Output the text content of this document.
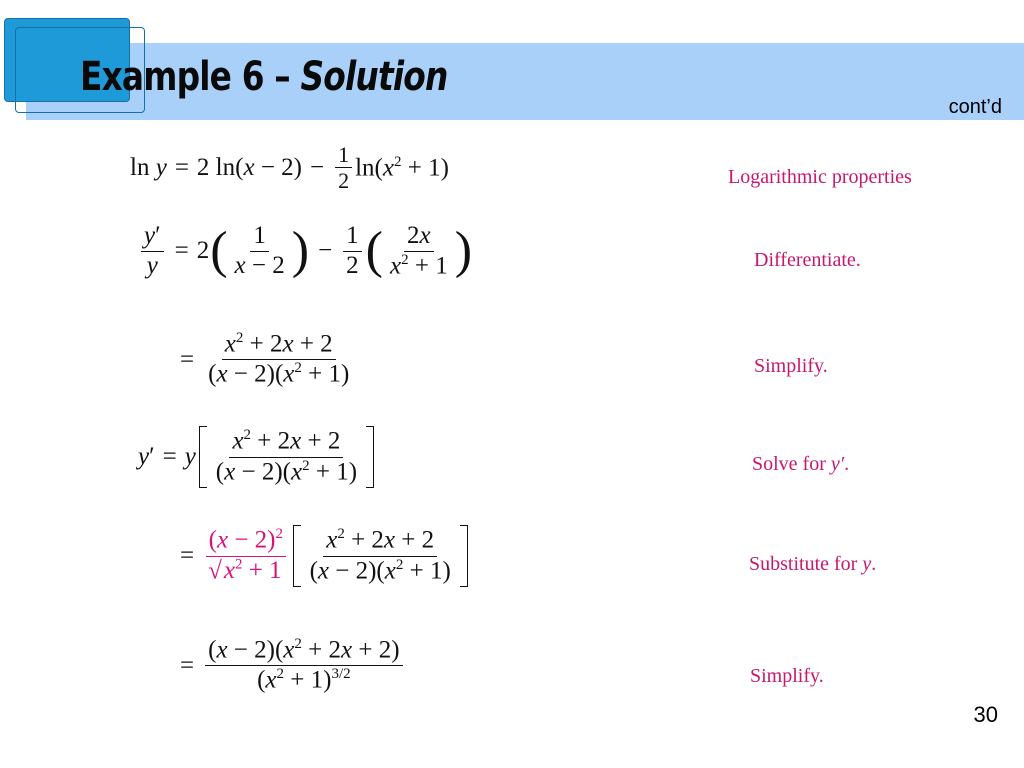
Example 6 – Solution
cont’d
ln y = 2 $\ln(x - 2) - \frac{1}{2} \ln(x^2 + 1)$	Logarithmic properties
$\frac{y'}{y} = 2$ ( $\frac{1}{x - 2}$ ) − $\frac{1}{2}$ ( $\frac{2x}{x^2 + 1}$ )	Differentiate.
= $\frac{x^2 + 2x + 2}{(x - 2)(x^2 + 1)}$	Simplify.
y′ = y $\frac{x^2 + 2x + 2}{(x - 2)(x^2 + 1)}$	Solve for y′.
= $\frac{(x - 2)^2}{√x^2 + 1} \frac{x^2 + 2x + 2}{(x - 2)(x^2 + 1)}$	Substitute for y.
= $\frac{(x - 2)(x^2 + 2x + 2)}{(x^2 + 1)^{3/2}}$	Simplify.
30
